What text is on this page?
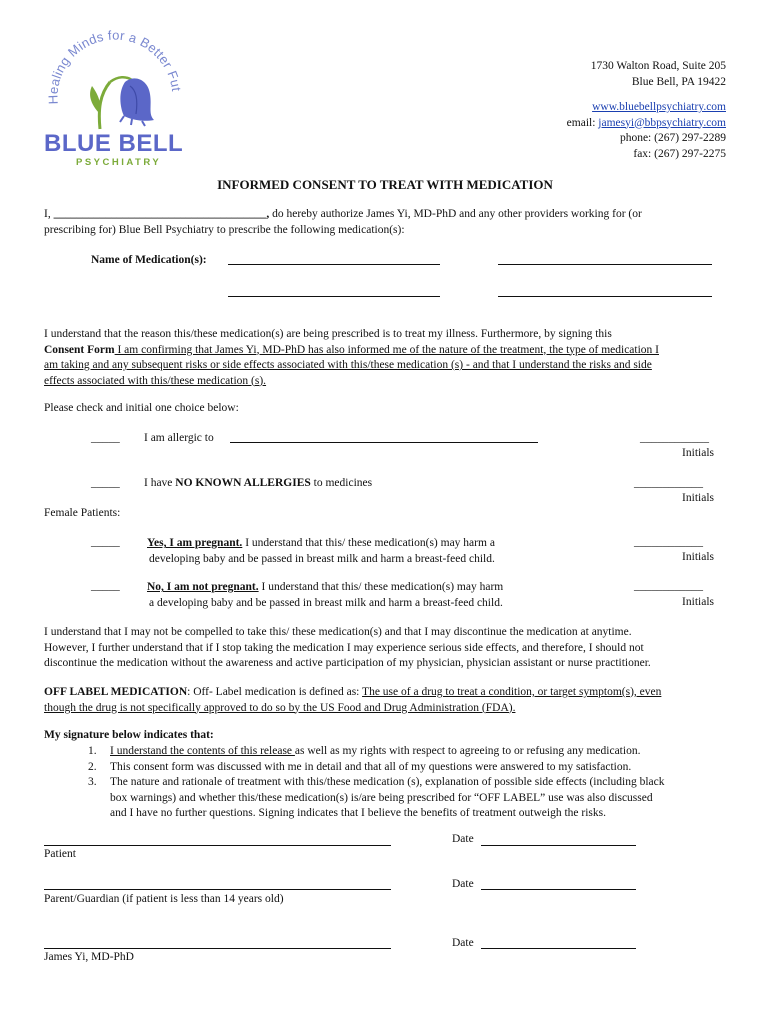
Healing Minds for a Better Fut
BLUE BELL
PSYCHIATRY
1730 Walton Road, Suite 205
Blue Bell, PA 19422
www.bluebellpsychiatry.com
email: jamesyi@bbpsychiatry.com
phone: (267) 297-2289
fax: (267) 297-2275
INFORMED CONSENT TO TREAT WITH MEDICATION

I, _____________________________________, do hereby authorize James Yi, MD-PhD and any other providers working for (or
prescribing for) Blue Bell Psychiatry to prescribe the following medication(s):

Name of Medication(s):

I understand that the reason this/these medication(s) are being prescribed is to treat my illness. Furthermore, by signing this
Consent Form I am confirming that James Yi, MD-PhD has also informed me of the nature of the treatment, the type of medication I
am taking and any subsequent risks or side effects associated with this/these medication (s) - and that I understand the risks and side
effects associated with this/these medication (s).

Please check and initial one choice below:
_____ I am allergic to	____________
Initials
_____ I have NO KNOWN ALLERGIES to medicines	____________
Initials
Female Patients:
_____ Yes, I am pregnant. I understand that this/ these medication(s) may harm a
developing baby and be passed in breast milk and harm a breast-feed child.
____________
Initials
_____ No, I am not pregnant. I understand that this/ these medication(s) may harm
a developing baby and be passed in breast milk and harm a breast-feed child.
____________
Initials

I understand that I may not be compelled to take this/ these medication(s) and that I may discontinue the medication at anytime.
However, I further understand that if I stop taking the medication I may experience serious side effects, and therefore, I should not
discontinue the medication without the awareness and active participation of my physician, physician assistant or nurse practitioner.

OFF LABEL MEDICATION: Off- Label medication is defined as: The use of a drug to treat a condition, or target symptom(s), even
though the drug is not specifically approved to do so by the US Food and Drug Administration (FDA).

My signature below indicates that:
1. I understand the contents of this release as well as my rights with respect to agreeing to or refusing any medication.
2. This consent form was discussed with me in detail and that all of my questions were answered to my satisfaction.
3. The nature and rationale of treatment with this/these medication (s), explanation of possible side effects (including black
box warnings) and whether this/these medication(s) is/are being prescribed for “OFF LABEL” use was also discussed
and I have no further questions. Signing indicates that I believe the benefits of treatment outweigh the risks.
Patient
Date
Parent/Guardian (if patient is less than 14 years old)
Date
James Yi, MD-PhD
Date
